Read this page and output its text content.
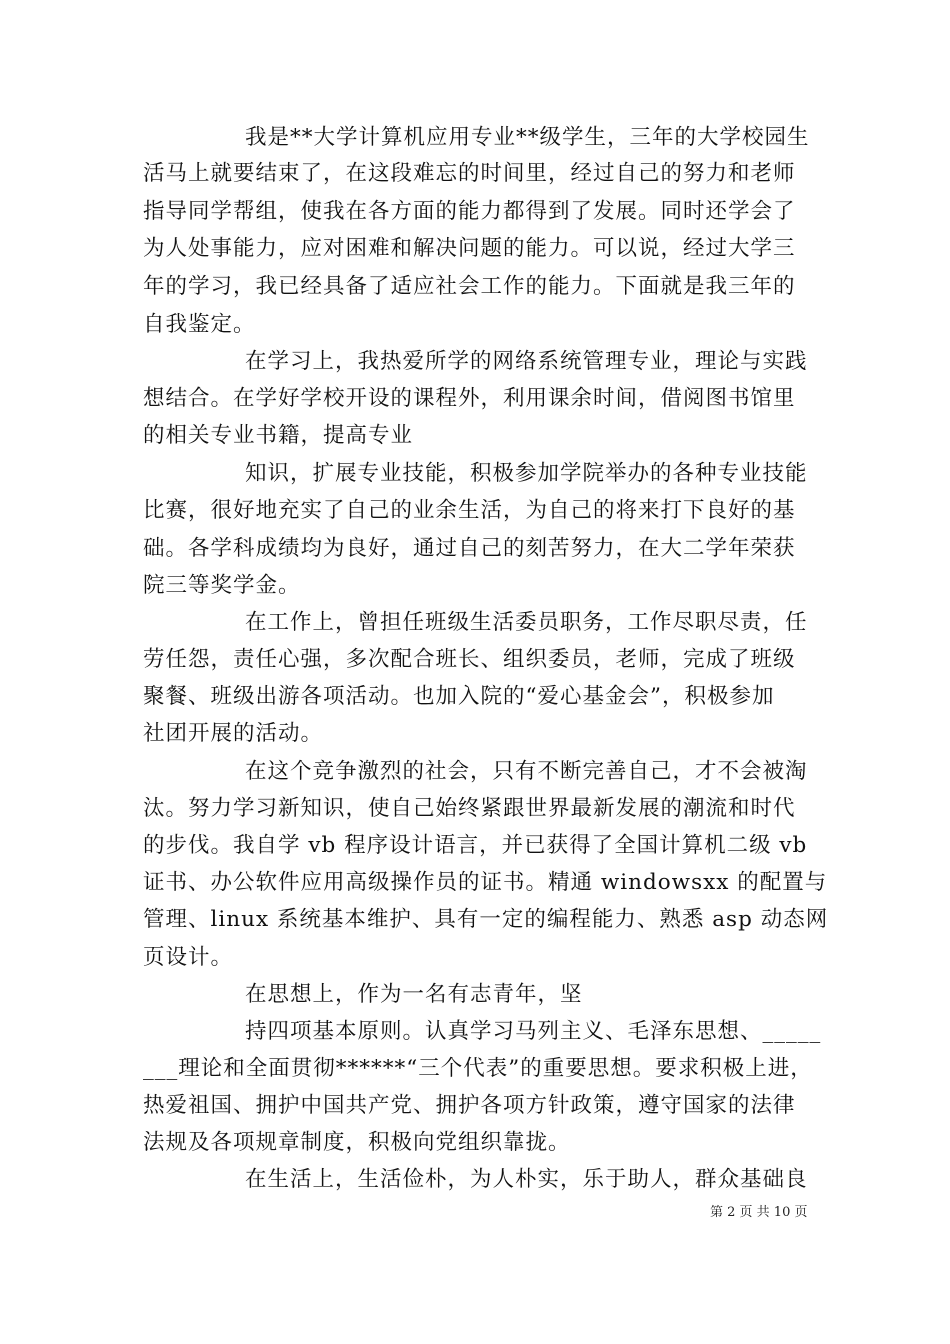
我是**大学计算机应用专业**级学生，三年的大学校园生
活马上就要结束了，在这段难忘的时间里，经过自己的努力和老师
指导同学帮组，使我在各方面的能力都得到了发展。同时还学会了
为人处事能力，应对困难和解决问题的能力。可以说，经过大学三
年的学习，我已经具备了适应社会工作的能力。下面就是我三年的
自我鉴定。
在学习上，我热爱所学的网络系统管理专业，理论与实践
想结合。在学好学校开设的课程外，利用课余时间，借阅图书馆里
的相关专业书籍，提高专业
知识，扩展专业技能，积极参加学院举办的各种专业技能
比赛，很好地充实了自己的业余生活，为自己的将来打下良好的基
础。各学科成绩均为良好，通过自己的刻苦努力，在大二学年荣获
院三等奖学金。
在工作上，曾担任班级生活委员职务，工作尽职尽责，任
劳任怨，责任心强，多次配合班长、组织委员，老师，完成了班级
聚餐、班级出游各项活动。也加入院的“爱心基金会”，积极参加
社团开展的活动。
在这个竞争激烈的社会，只有不断完善自己，才不会被淘
汰。努力学习新知识，使自己始终紧跟世界最新发展的潮流和时代
的步伐。我自学 vb 程序设计语言，并已获得了全国计算机二级 vb
证书、办公软件应用高级操作员的证书。精通 windowsxx 的配置与
管理、linux 系统基本维护、具有一定的编程能力、熟悉 asp 动态网
页设计。
在思想上，作为一名有志青年，坚
持四项基本原则。认真学习马列主义、毛泽东思想、_____
___理论和全面贯彻******“三个代表”的重要思想。要求积极上进，
热爱祖国、拥护中国共产党、拥护各项方针政策，遵守国家的法律
法规及各项规章制度，积极向党组织靠拢。
在生活上，生活俭朴，为人朴实，乐于助人，群众基础良
第 2 页 共 10 页
